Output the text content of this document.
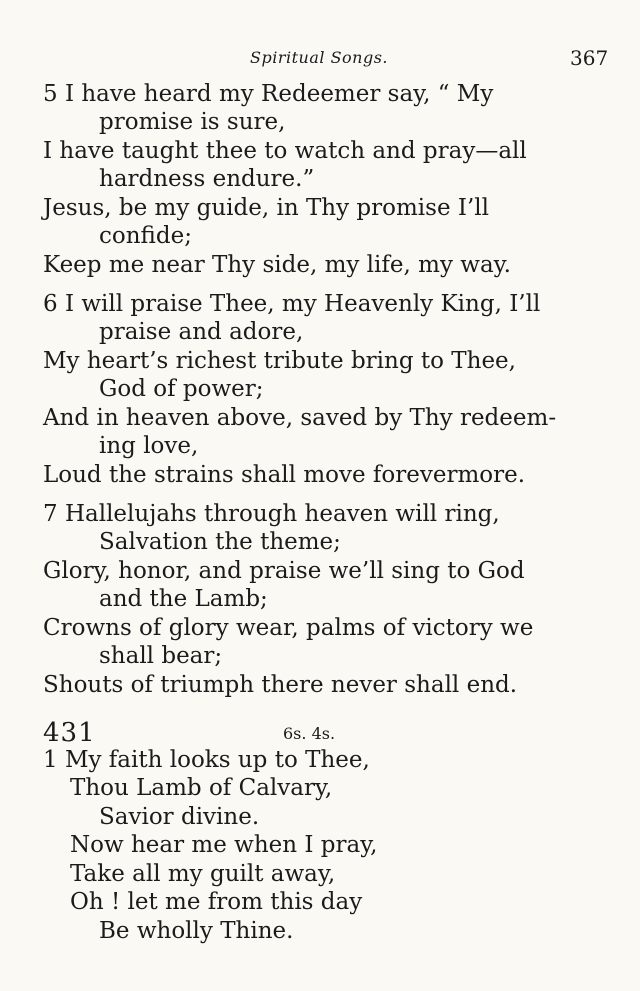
Spiritual Songs.	367
5 I have heard my Redeemer say, “ My
promise is sure,
I have taught thee to watch and pray—all
hardness endure.”
Jesus, be my guide, in Thy promise I’ll
confide;
Keep me near Thy side, my life, my way.
6 I will praise Thee, my Heavenly King, I’ll
praise and adore,
My heart’s richest tribute bring to Thee,
God of power;
And in heaven above, saved by Thy redeem-
ing love,
Loud the strains shall move forevermore.
7 Hallelujahs through heaven will ring,
Salvation the theme;
Glory, honor, and praise we’ll sing to God
and the Lamb;
Crowns of glory wear, palms of victory we
shall bear;
Shouts of triumph there never shall end.
431	6s. 4s.
1 My faith looks up to Thee,
Thou Lamb of Calvary,
Savior divine.
Now hear me when I pray,
Take all my guilt away,
Oh ! let me from this day
Be wholly Thine.
